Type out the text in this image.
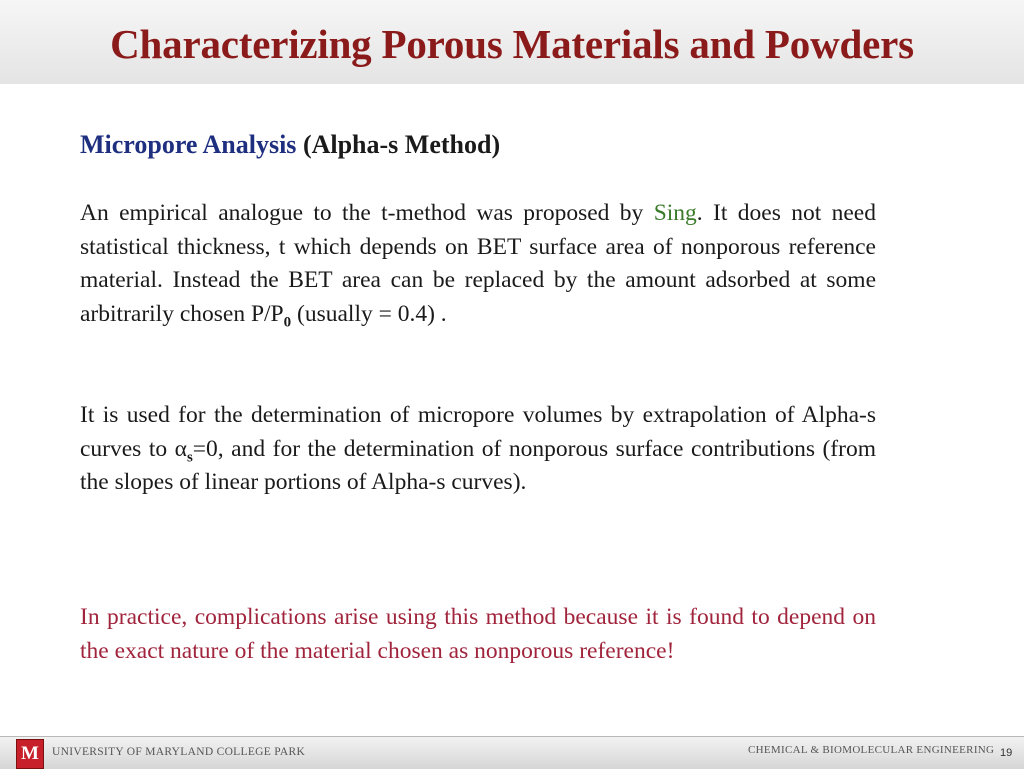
Characterizing Porous Materials and Powders
Micropore Analysis (Alpha-s Method)

An empirical analogue to the t-method was proposed by Sing. It does not need statistical thickness, t which depends on BET surface area of nonporous reference material. Instead the BET area can be replaced by the amount adsorbed at some arbitrarily chosen $P/P_0$ (usually = 0.4) .

It is used for the determination of micropore volumes by extrapolation of Alpha-s curves to $\alpha_s=0$, and for the determination of nonporous surface contributions (from the slopes of linear portions of Alpha-s curves).

In practice, complications arise using this method because it is found to depend on the exact nature of the material chosen as nonporous reference!

M	UNIVERSITY OF MARYLAND COLLEGE PARK	CHEMICAL & BIOMOLECULAR ENGINEERING 19
